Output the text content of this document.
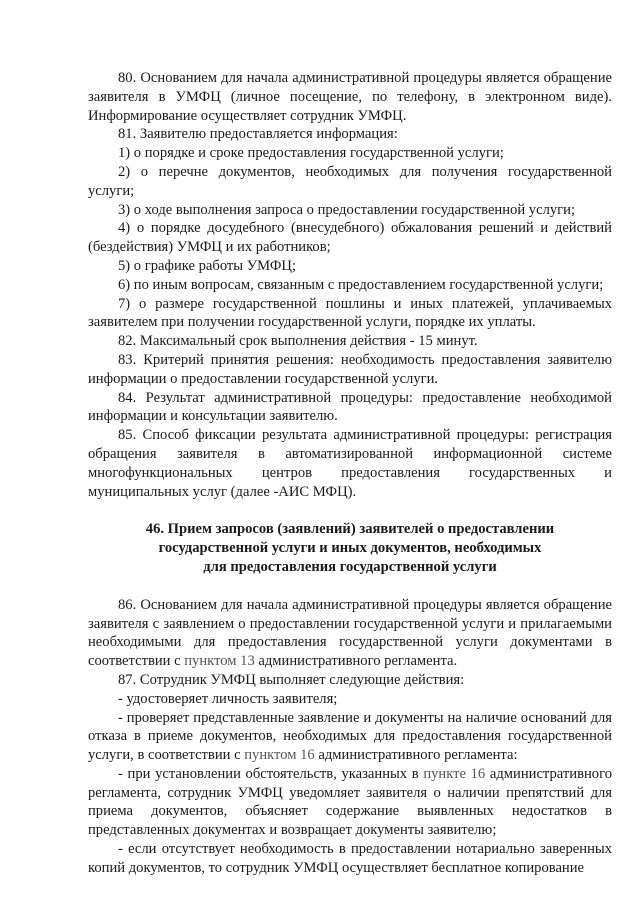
80. Основанием для начала административной процедуры является обращение заявителя в УМФЦ (личное посещение, по телефону, в электронном виде). Информирование осуществляет сотрудник УМФЦ.

81. Заявителю предоставляется информация:

1) о порядке и сроке предоставления государственной услуги;

2) о перечне документов, необходимых для получения государственной услуги;

3) о ходе выполнения запроса о предоставлении государственной услуги;

4) о порядке досудебного (внесудебного) обжалования решений и действий (бездействия) УМФЦ и их работников;

5) о графике работы УМФЦ;

6) по иным вопросам, связанным с предоставлением государственной услуги;

7) о размере государственной пошлины и иных платежей, уплачиваемых заявителем при получении государственной услуги, порядке их уплаты.

82. Максимальный срок выполнения действия - 15 минут.

83. Критерий принятия решения: необходимость предоставления заявителю информации о предоставлении государственной услуги.

84. Результат административной процедуры: предоставление необходимой информации и консультации заявителю.

85. Способ фиксации результата административной процедуры: регистрация обращения заявителя в автоматизированной информационной системе многофункциональных центров предоставления государственных и муниципальных услуг (далее -АИС МФЦ).

46. Прием запросов (заявлений) заявителей о предоставлении

государственной услуги и иных документов, необходимых

для предоставления государственной услуги

86. Основанием для начала административной процедуры является обращение заявителя с заявлением о предоставлении государственной услуги и прилагаемыми необходимыми для предоставления государственной услуги документами в соответствии с пунктом 13 административного регламента.

87. Сотрудник УМФЦ выполняет следующие действия:

- удостоверяет личность заявителя;

- проверяет представленные заявление и документы на наличие оснований для отказа в приеме документов, необходимых для предоставления государственной услуги, в соответствии с пунктом 16 административного регламента:

- при установлении обстоятельств, указанных в пункте 16 административного регламента, сотрудник УМФЦ уведомляет заявителя о наличии препятствий для приема документов, объясняет содержание выявленных недостатков в представленных документах и возвращает документы заявителю;

- если отсутствует необходимость в предоставлении нотариально заверенных копий документов, то сотрудник УМФЦ осуществляет бесплатное копирование
